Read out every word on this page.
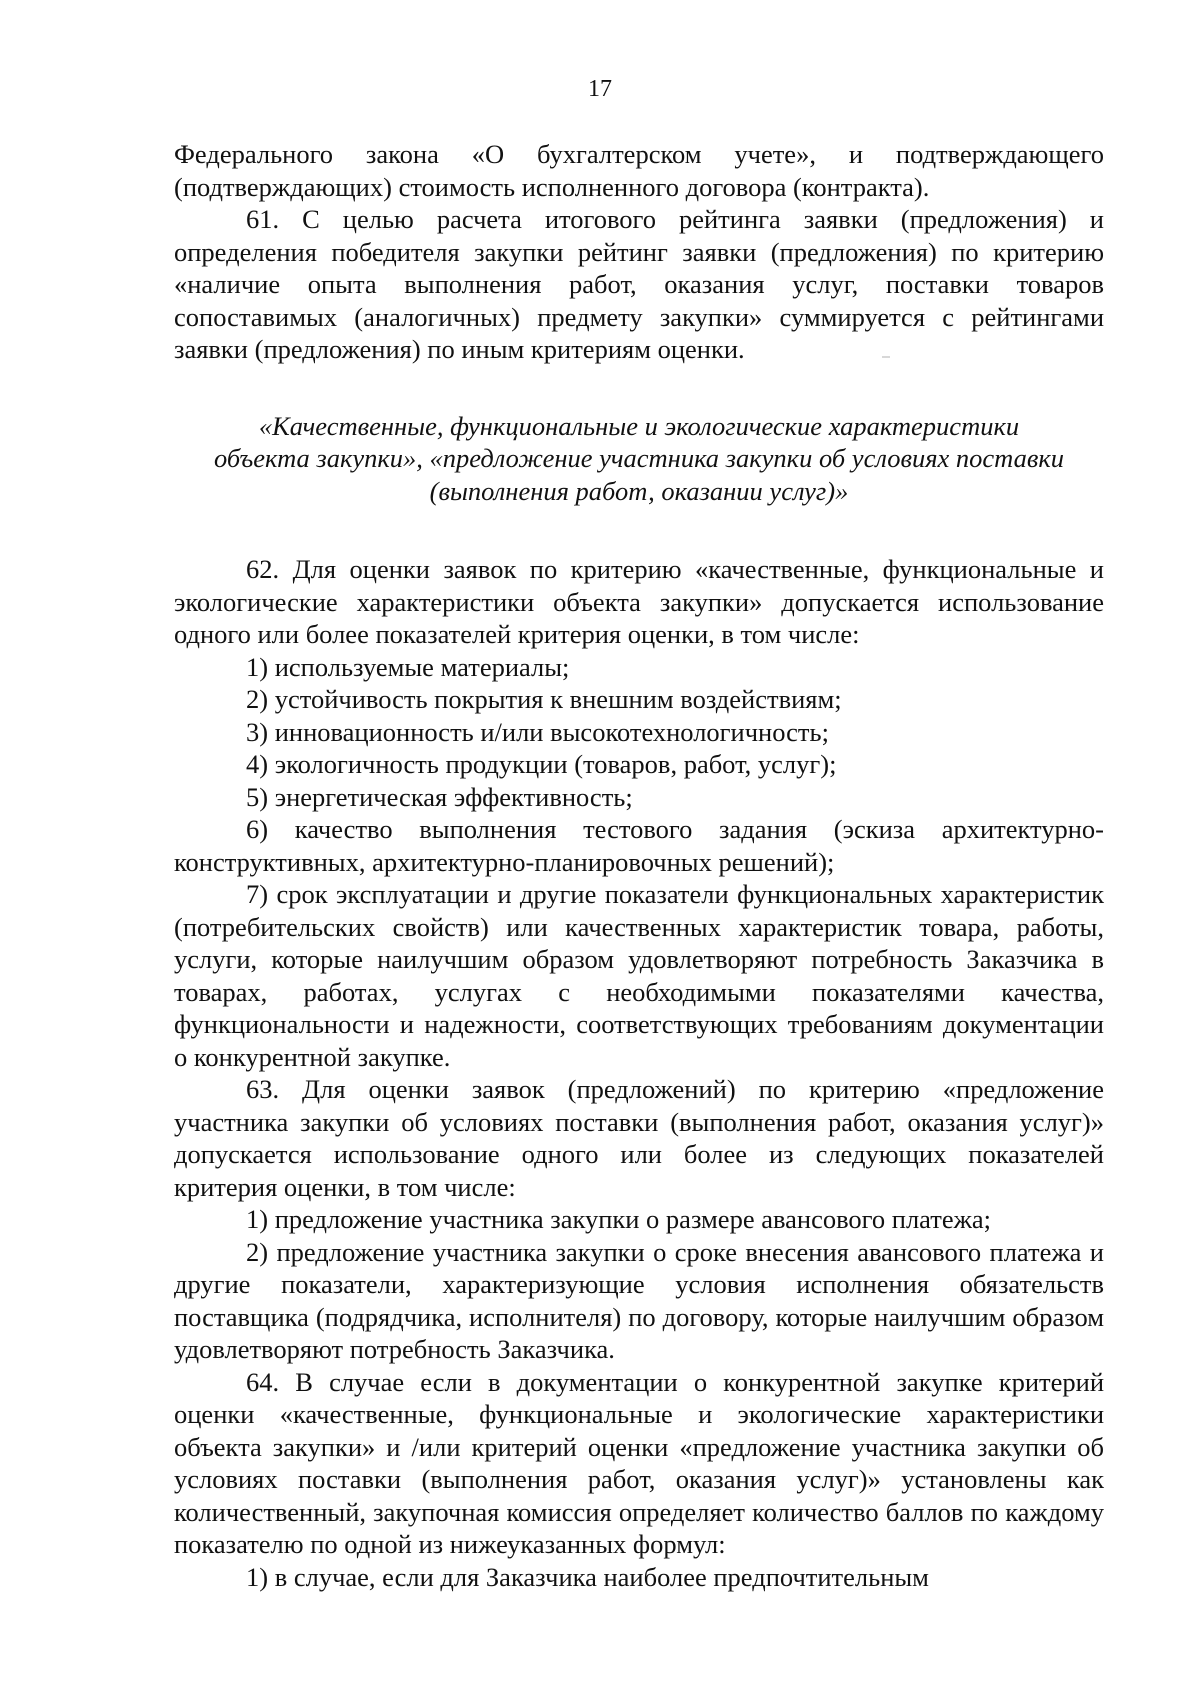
17

Федерального закона «О бухгалтерском учете», и подтверждающего (подтверждающих) стоимость исполненного договора (контракта).

61. С целью расчета итогового рейтинга заявки (предложения) и определения победителя закупки рейтинг заявки (предложения) по критерию «наличие опыта выполнения работ, оказания услуг, поставки товаров сопоставимых (аналогичных) предмету закупки» суммируется с рейтингами заявки (предложения) по иным критериям оценки.

«Качественные, функциональные и экологические характеристики
объекта закупки», «предложение участника закупки об условиях поставки
(выполнения работ, оказании услуг)»

62. Для оценки заявок по критерию «качественные, функциональные и экологические характеристики объекта закупки» допускается использование одного или более показателей критерия оценки, в том числе:

1) используемые материалы;

2) устойчивость покрытия к внешним воздействиям;

3) инновационность и/или высокотехнологичность;

4) экологичность продукции (товаров, работ, услуг);

5) энергетическая эффективность;

6) качество выполнения тестового задания (эскиза архитектурно-конструктивных, архитектурно-планировочных решений);

7) срок эксплуатации и другие показатели функциональных характеристик (потребительских свойств) или качественных характеристик товара, работы, услуги, которые наилучшим образом удовлетворяют потребность Заказчика в товарах, работах, услугах с необходимыми показателями качества, функциональности и надежности, соответствующих требованиям документации о конкурентной закупке.

63. Для оценки заявок (предложений) по критерию «предложение участника закупки об условиях поставки (выполнения работ, оказания услуг)» допускается использование одного или более из следующих показателей критерия оценки, в том числе:

1) предложение участника закупки о размере авансового платежа;

2) предложение участника закупки о сроке внесения авансового платежа и другие показатели, характеризующие условия исполнения обязательств поставщика (подрядчика, исполнителя) по договору, которые наилучшим образом удовлетворяют потребность Заказчика.

64. В случае если в документации о конкурентной закупке критерий оценки «качественные, функциональные и экологические характеристики объекта закупки» и /или критерий оценки «предложение участника закупки об условиях поставки (выполнения работ, оказания услуг)» установлены как количественный, закупочная комиссия определяет количество баллов по каждому показателю по одной из нижеуказанных формул:

1) в случае, если для Заказчика наиболее предпочтительным
